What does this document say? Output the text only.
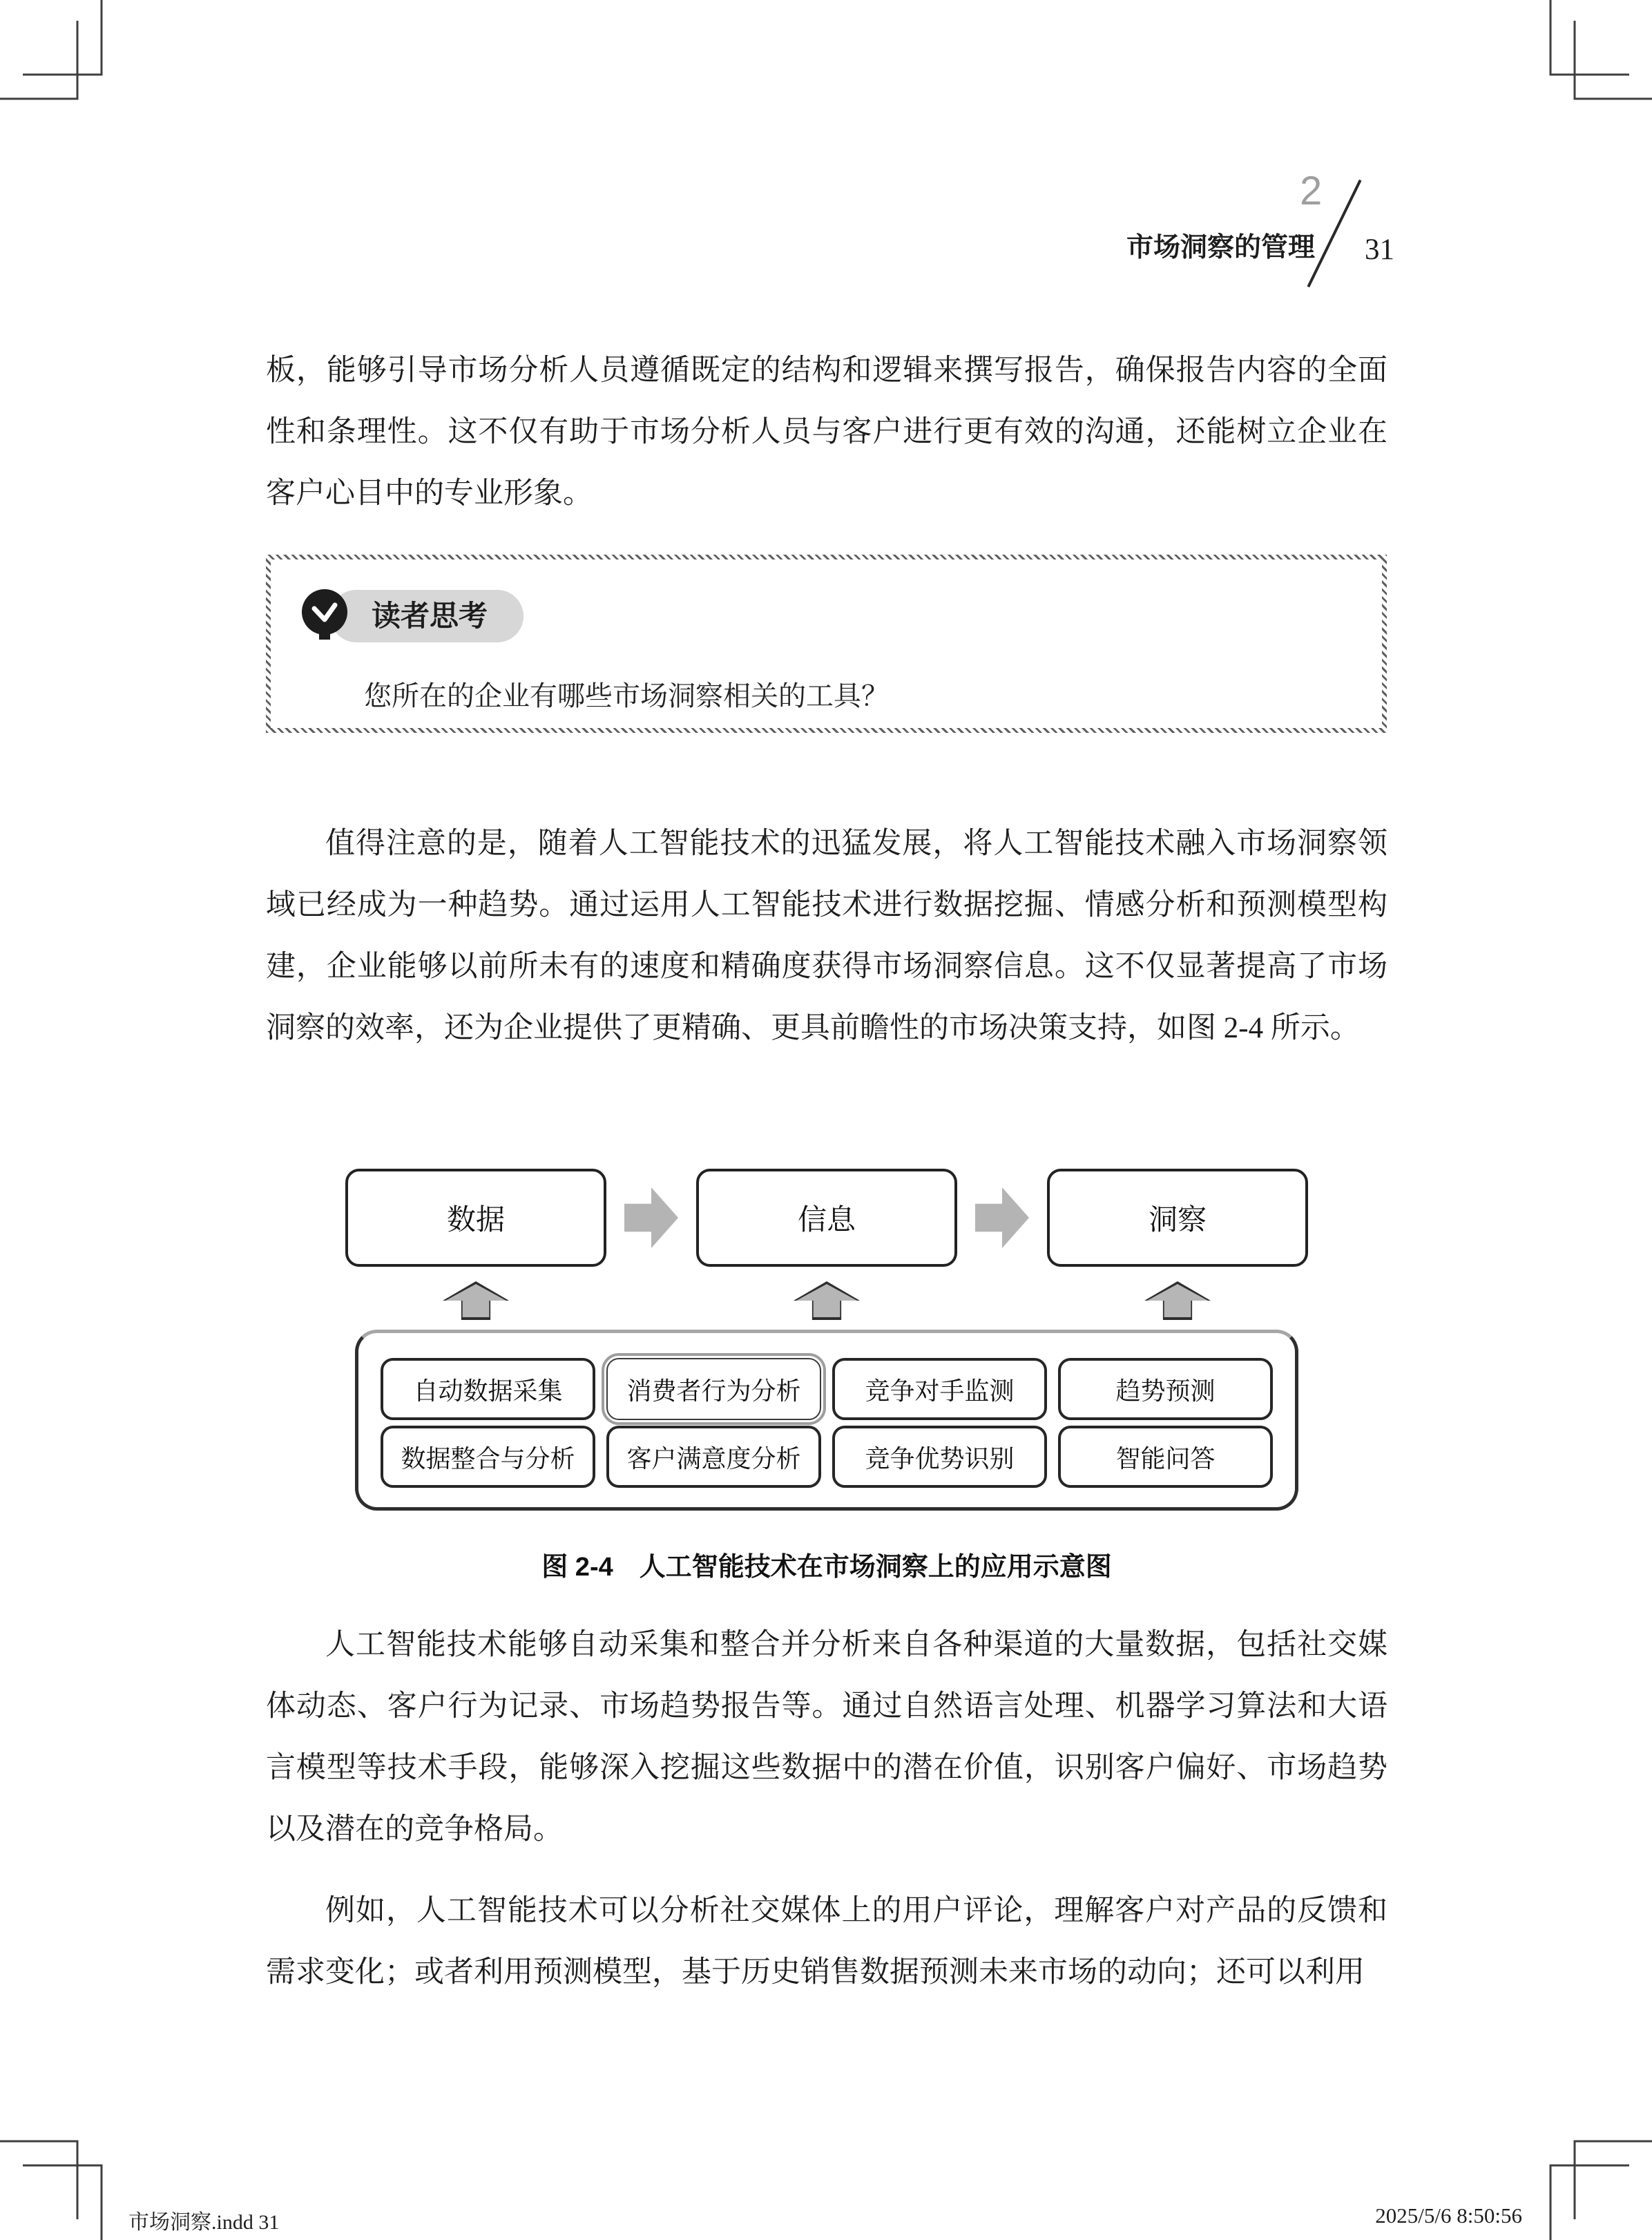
2
市场洞察的管理 31
板，能够引导市场分析人员遵循既定的结构和逻辑来撰写报告，确保报告内容的全面性和条理性。这不仅有助于市场分析人员与客户进行更有效的沟通，还能树立企业在客户心目中的专业形象。
读者思考
您所在的企业有哪些市场洞察相关的工具？
值得注意的是，随着人工智能技术的迅猛发展，将人工智能技术融入市场洞察领域已经成为一种趋势。通过运用人工智能技术进行数据挖掘、情感分析和预测模型构建，企业能够以前所未有的速度和精确度获得市场洞察信息。这不仅显著提高了市场洞察的效率，还为企业提供了更精确、更具前瞻性的市场决策支持，如图 2-4 所示。
数据	信息	洞察
自动数据采集	消费者行为分析	竞争对手监测	趋势预测
数据整合与分析	客户满意度分析	竞争优势识别	智能问答
图 2-4　人工智能技术在市场洞察上的应用示意图
人工智能技术能够自动采集和整合并分析来自各种渠道的大量数据，包括社交媒体动态、客户行为记录、市场趋势报告等。通过自然语言处理、机器学习算法和大语言模型等技术手段，能够深入挖掘这些数据中的潜在价值，识别客户偏好、市场趋势以及潜在的竞争格局。
例如，人工智能技术可以分析社交媒体上的用户评论，理解客户对产品的反馈和需求变化；或者利用预测模型，基于历史销售数据预测未来市场的动向；还可以利用
市场洞察.indd 31	2025/5/6 8:50:56
